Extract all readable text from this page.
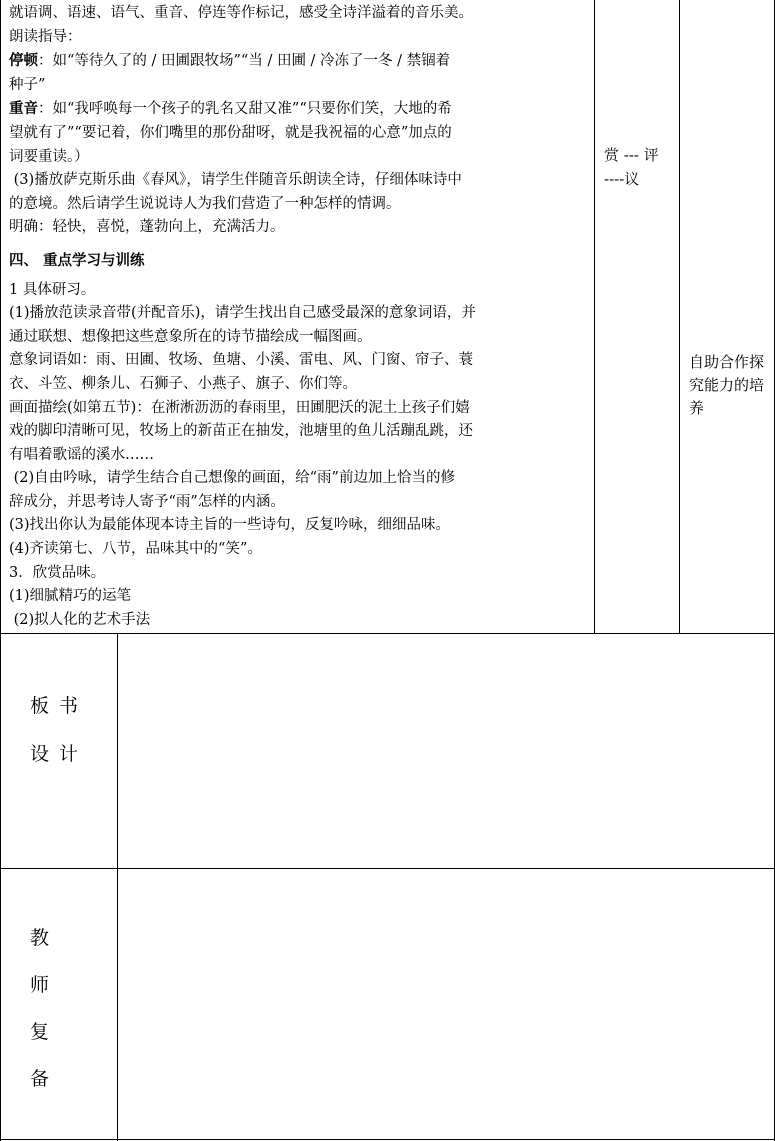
就语调、语速、语气、重音、停连等作标记，感受全诗洋溢着的音乐美。

朗读指导：

停顿：如“等待久了的 / 田圃跟牧场”“当 / 田圃 / 冷冻了一冬 / 禁锢着

种子”

重音：如“我呼唤每一个孩子的乳名又甜又准”“只要你们笑，大地的希

望就有了”“要记着，你们嘴里的那份甜呀，就是我祝福的心意”加点的

词要重读。）

(3)播放萨克斯乐曲《春风》，请学生伴随音乐朗读全诗，仔细体味诗中

的意境。然后请学生说说诗人为我们营造了一种怎样的情调。

明确：轻快，喜悦，蓬勃向上，充满活力。

四、 重点学习与训练

1 具体研习。

(1)播放范读录音带(并配音乐)，请学生找出自己感受最深的意象词语，并

通过联想、想像把这些意象所在的诗节描绘成一幅图画。

意象词语如：雨、田圃、牧场、鱼塘、小溪、雷电、风、门窗、帘子、蓑

衣、斗笠、柳条儿、石狮子、小燕子、旗子、你们等。

画面描绘(如第五节)：在淅淅沥沥的春雨里，田圃肥沃的泥土上孩子们嬉

戏的脚印清晰可见，牧场上的新苗正在抽发，池塘里的鱼儿活蹦乱跳，还

有唱着歌谣的溪水……

(2)自由吟咏，请学生结合自己想像的画面，给“雨”前边加上恰当的修

辞成分，并思考诗人寄予“雨”怎样的内涵。

(3)找出你认为最能体现本诗主旨的一些诗句，反复吟咏，细细品味。

(4)齐读第七、八节，品味其中的“笑”。

3．欣赏品味。

(1)细腻精巧的运笔

(2)拟人化的艺术手法

赏 --- 评
----议
自助合作探究能力的培养
板 书
设 计
教
师
复
备
